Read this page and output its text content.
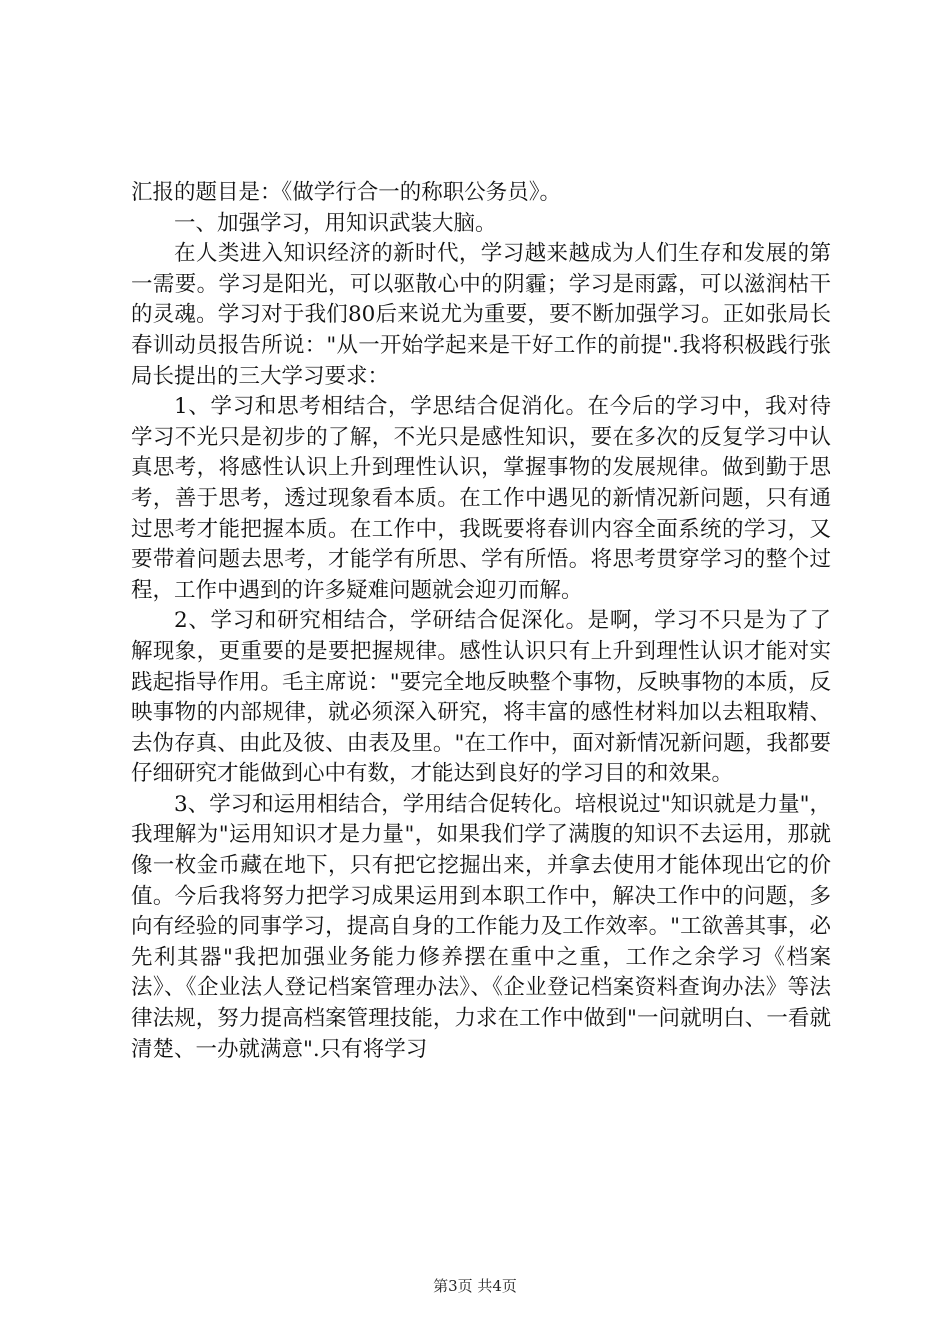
汇报的题目是：《做学行合一的称职公务员》。

一、加强学习，用知识武装大脑。

在人类进入知识经济的新时代，学习越来越成为人们生存和发展的第一需要。学习是阳光，可以驱散心中的阴霾；学习是雨露，可以滋润枯干的灵魂。学习对于我们80后来说尤为重要，要不断加强学习。正如张局长春训动员报告所说："从一开始学起来是干好工作的前提".我将积极践行张局长提出的三大学习要求：

1、学习和思考相结合，学思结合促消化。在今后的学习中，我对待学习不光只是初步的了解，不光只是感性知识，要在多次的反复学习中认真思考，将感性认识上升到理性认识，掌握事物的发展规律。做到勤于思考，善于思考，透过现象看本质。在工作中遇见的新情况新问题，只有通过思考才能把握本质。在工作中，我既要将春训内容全面系统的学习，又要带着问题去思考，才能学有所思、学有所悟。将思考贯穿学习的整个过程，工作中遇到的许多疑难问题就会迎刃而解。

2、学习和研究相结合，学研结合促深化。是啊，学习不只是为了了解现象，更重要的是要把握规律。感性认识只有上升到理性认识才能对实践起指导作用。毛主席说："要完全地反映整个事物，反映事物的本质，反映事物的内部规律，就必须深入研究，将丰富的感性材料加以去粗取精、去伪存真、由此及彼、由表及里。"在工作中，面对新情况新问题，我都要仔细研究才能做到心中有数，才能达到良好的学习目的和效果。

3、学习和运用相结合，学用结合促转化。培根说过"知识就是力量"，我理解为"运用知识才是力量"，如果我们学了满腹的知识不去运用，那就像一枚金币藏在地下，只有把它挖掘出来，并拿去使用才能体现出它的价值。今后我将努力把学习成果运用到本职工作中，解决工作中的问题，多向有经验的同事学习，提高自身的工作能力及工作效率。"工欲善其事，必先利其器"我把加强业务能力修养摆在重中之重，工作之余学习《档案法》、《企业法人登记档案管理办法》、《企业登记档案资料查询办法》等法律法规，努力提高档案管理技能，力求在工作中做到"一问就明白、一看就清楚、一办就满意".只有将学习

第3页 共4页
